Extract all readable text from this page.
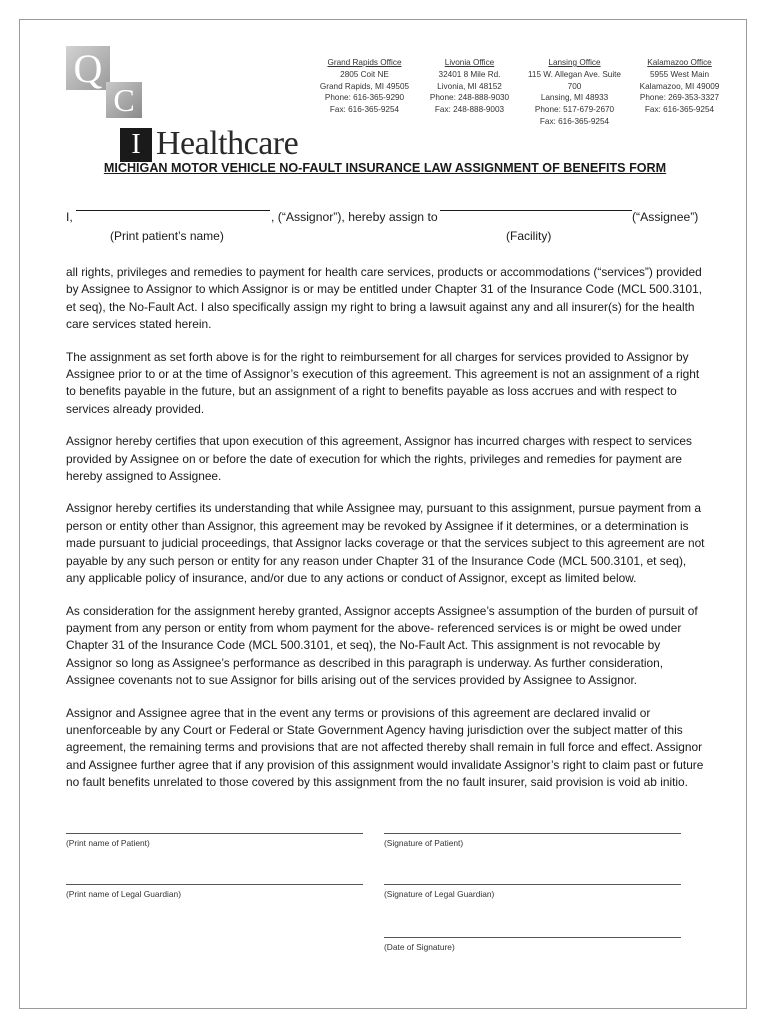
Q
C
I Healthcare
Grand Rapids Office
2805 Coit NE
Grand Rapids, MI 49505
Phone: 616-365-9290
Fax: 616-365-9254
Livonia Office
32401 8 Mile Rd.
Livonia, MI 48152
Phone: 248-888-9030
Fax: 248-888-9003
Lansing Office
115 W. Allegan Ave. Suite 700
Lansing, MI 48933
Phone: 517-679-2670
Fax: 616-365-9254
Kalamazoo Office
5955 West Main
Kalamazoo, MI 49009
Phone: 269-353-3327
Fax: 616-365-9254
MICHIGAN MOTOR VEHICLE NO-FAULT INSURANCE LAW ASSIGNMENT OF BENEFITS FORM
I,	, (“Assignor”), hereby assign to	(“Assignee”)
(Print patient’s name)	(Facility)

all rights, privileges and remedies to payment for health care services, products or accommodations (“services”) provided by Assignee to Assignor to which Assignor is or may be entitled under Chapter 31 of the Insurance Code (MCL 500.3101, et seq), the No-Fault Act. I also specifically assign my right to bring a lawsuit against any and all insurer(s) for the health care services stated herein.

The assignment as set forth above is for the right to reimbursement for all charges for services provided to Assignor by Assignee prior to or at the time of Assignor’s execution of this agreement. This agreement is not an assignment of a right to benefits payable in the future, but an assignment of a right to benefits payable as loss accrues and with respect to services already provided.

Assignor hereby certifies that upon execution of this agreement, Assignor has incurred charges with respect to services provided by Assignee on or before the date of execution for which the rights, privileges and remedies for payment are hereby assigned to Assignee.

Assignor hereby certifies its understanding that while Assignee may, pursuant to this assignment, pursue payment from a person or entity other than Assignor, this agreement may be revoked by Assignee if it determines, or a determination is made pursuant to judicial proceedings, that Assignor lacks coverage or that the services subject to this agreement are not payable by any such person or entity for any reason under Chapter 31 of the Insurance Code (MCL 500.3101, et seq), any applicable policy of insurance, and/or due to any actions or conduct of Assignor, except as limited below.

As consideration for the assignment hereby granted, Assignor accepts Assignee’s assumption of the burden of pursuit of payment from any person or entity from whom payment for the above- referenced services is or might be owed under Chapter 31 of the Insurance Code (MCL 500.3101, et seq), the No-Fault Act. This assignment is not revocable by Assignor so long as Assignee’s performance as described in this paragraph is underway. As further consideration, Assignee covenants not to sue Assignor for bills arising out of the services provided by Assignee to Assignor.

Assignor and Assignee agree that in the event any terms or provisions of this agreement are declared invalid or unenforceable by any Court or Federal or State Government Agency having jurisdiction over the subject matter of this agreement, the remaining terms and provisions that are not affected thereby shall remain in full force and effect. Assignor and Assignee further agree that if any provision of this assignment would invalidate Assignor’s right to claim past or future no fault benefits unrelated to those covered by this assignment from the no fault insurer, said provision is void ab initio.

(Print name of Patient)	(Signature of Patient)
(Print name of Legal Guardian)	(Signature of Legal Guardian)
(Date of Signature)
